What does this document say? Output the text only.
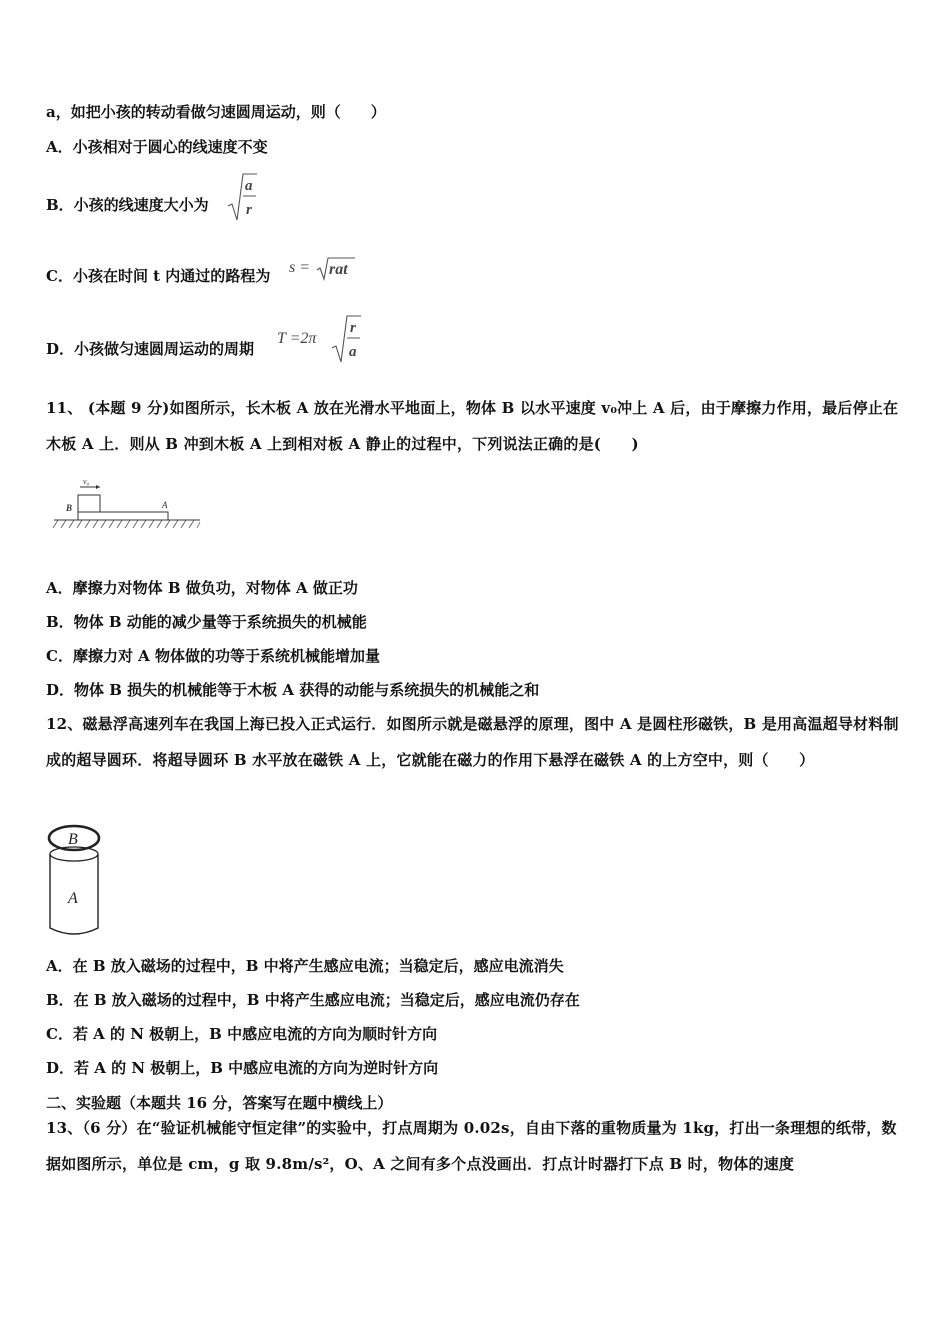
a，如把小孩的转动看做匀速圆周运动，则（　　）
A．小孩相对于圆心的线速度不变
B．小孩的线速度大小为
a
r
C．小孩在时间 t 内通过的路程为 s = rat
D．小孩做匀速圆周运动的周期
T =2π
r
a
11、 (本题 9 分)如图所示，长木板 A 放在光滑水平地面上，物体 B 以水平速度 v₀冲上 A 后，由于摩擦力作用，最后停止在木板 A 上．则从 B 冲到木板 A 上到相对板 A 静止的过程中，下列说法正确的是(　　)
v₀
B	A
A．摩擦力对物体 B 做负功，对物体 A 做正功
B．物体 B 动能的减少量等于系统损失的机械能
C．摩擦力对 A 物体做的功等于系统机械能增加量
D．物体 B 损失的机械能等于木板 A 获得的动能与系统损失的机械能之和
12、磁悬浮高速列车在我国上海已投入正式运行．如图所示就是磁悬浮的原理，图中 A 是圆柱形磁铁，B 是用高温超导材料制成的超导圆环．将超导圆环 B 水平放在磁铁 A 上，它就能在磁力的作用下悬浮在磁铁 A 的上方空中，则（　　）
B
A
A．在 B 放入磁场的过程中，B 中将产生感应电流；当稳定后，感应电流消失
B．在 B 放入磁场的过程中，B 中将产生感应电流；当稳定后，感应电流仍存在
C．若 A 的 N 极朝上，B 中感应电流的方向为顺时针方向
D．若 A 的 N 极朝上，B 中感应电流的方向为逆时针方向
二、实验题（本题共 16 分，答案写在题中横线上）
13、（6 分）在“验证机械能守恒定律”的实验中，打点周期为 0.02s，自由下落的重物质量为 1kg，打出一条理想的纸带，数据如图所示，单位是 cm，g 取 9.8m/s²，O、A 之间有多个点没画出．打点计时器打下点 B 时，物体的速度
